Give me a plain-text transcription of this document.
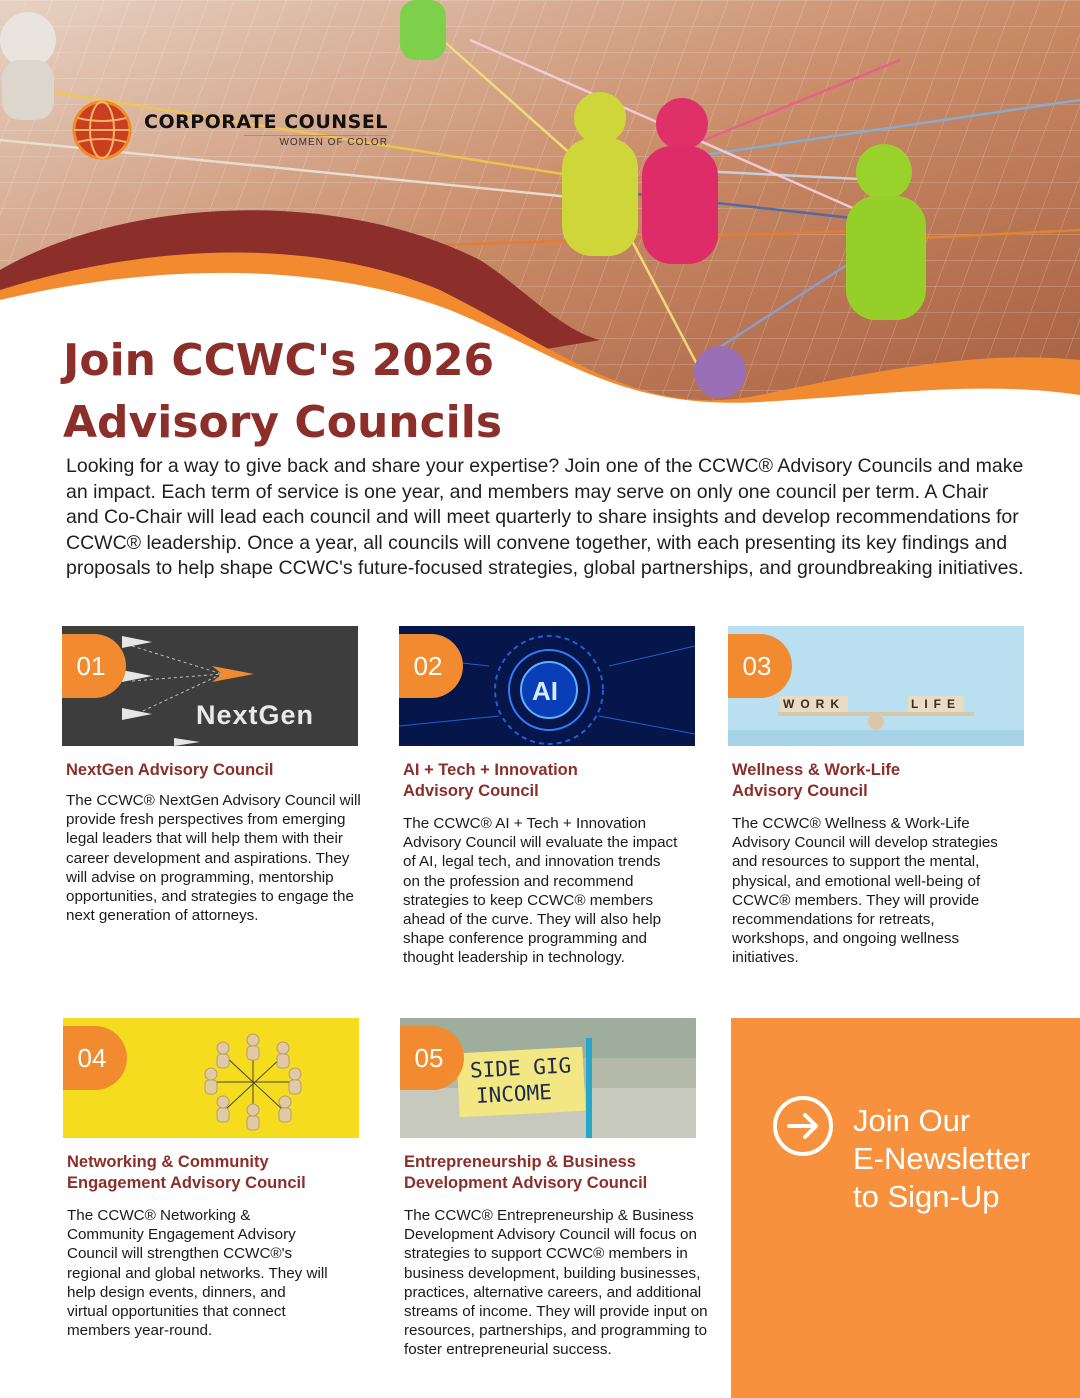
CORPORATE COUNSEL
WOMEN OF COLOR
Join CCWC's 2026
Advisory Councils

Looking for a way to give back and share your expertise? Join one of the CCWC® Advisory Councils and make an impact. Each term of service is one year, and members may serve on only one council per term. A Chair and Co-Chair will lead each council and will meet quarterly to share insights and develop recommendations for CCWC® leadership. Once a year, all councils will convene together, with each presenting its key findings and proposals to help shape CCWC's future-focused strategies, global partnerships, and groundbreaking initiatives.

01
NextGen
NextGen Advisory Council
The CCWC® NextGen Advisory Council will provide fresh perspectives from emerging legal leaders that will help them with their career development and aspirations. They will advise on programming, mentorship opportunities, and strategies to engage the next generation of attorneys.
02
AI
AI + Tech + Innovation Advisory Council
The CCWC® AI + Tech + Innovation Advisory Council will evaluate the impact of AI, legal tech, and innovation trends on the profession and recommend strategies to keep CCWC® members ahead of the curve. They will also help shape conference programming and thought leadership in technology.
03
WORK	LIFE
Wellness & Work-Life Advisory Council
The CCWC® Wellness & Work-Life Advisory Council will develop strategies and resources to support the mental, physical, and emotional well-being of CCWC® members. They will provide recommendations for retreats, workshops, and ongoing wellness initiatives.
04
Networking & Community Engagement Advisory Council
The CCWC® Networking & Community Engagement Advisory Council will strengthen CCWC®'s regional and global networks. They will help design events, dinners, and virtual opportunities that connect members year-round.
05	SIDE GIG
INCOME
Entrepreneurship & Business Development Advisory Council
The CCWC® Entrepreneurship & Business Development Advisory Council will focus on strategies to support CCWC® members in business development, building businesses, practices, alternative careers, and additional streams of income. They will provide input on resources, partnerships, and programming to foster entrepreneurial success.
Join Our
E-Newsletter
to Sign-Up
